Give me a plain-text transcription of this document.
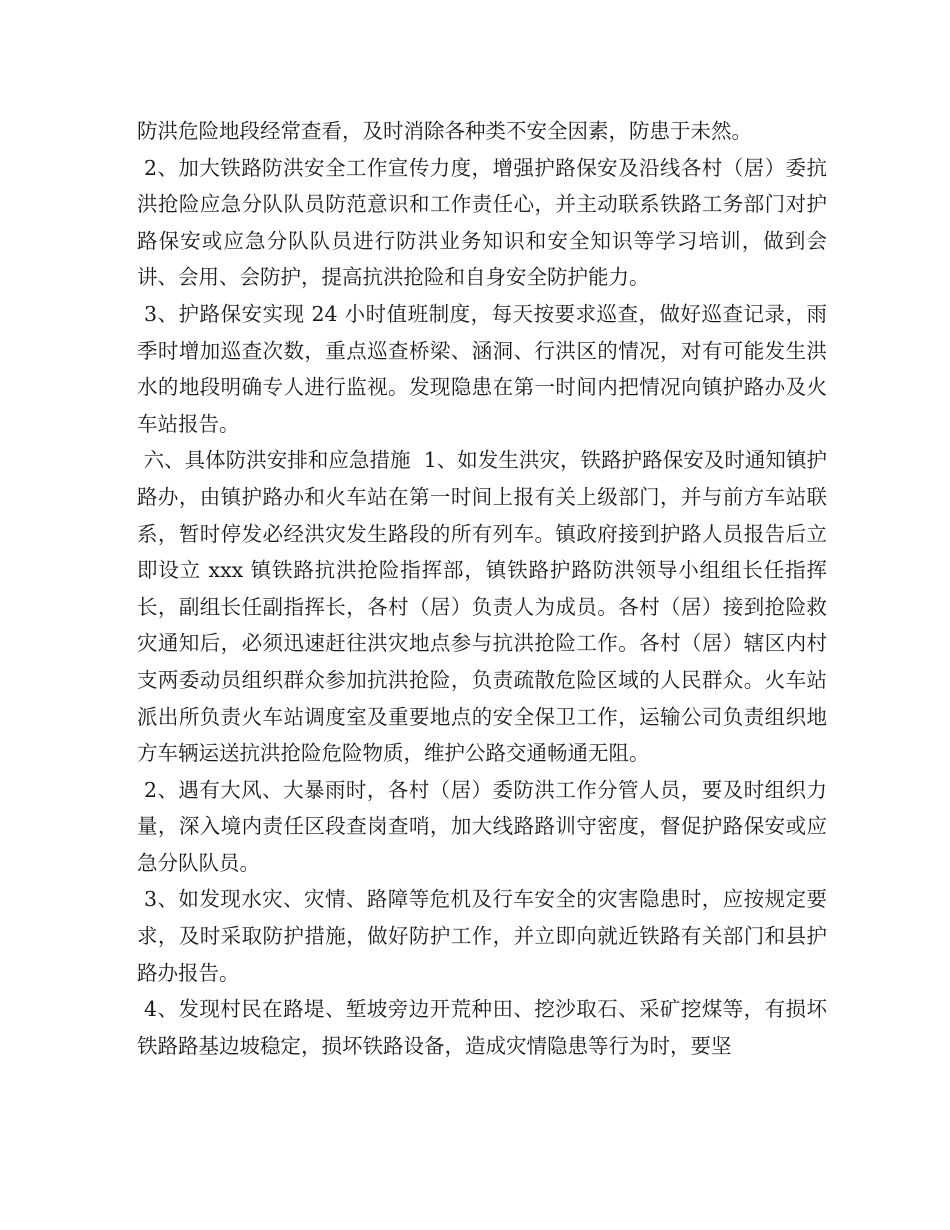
防洪危险地段经常查看，及时消除各种类不安全因素，防患于未然。

2、加大铁路防洪安全工作宣传力度，增强护路保安及沿线各村（居）委抗洪抢险应急分队队员防范意识和工作责任心，并主动联系铁路工务部门对护路保安或应急分队队员进行防洪业务知识和安全知识等学习培训，做到会讲、会用、会防护，提高抗洪抢险和自身安全防护能力。

3、护路保安实现 24 小时值班制度，每天按要求巡查，做好巡查记录，雨季时增加巡查次数，重点巡查桥梁、涵洞、行洪区的情况，对有可能发生洪水的地段明确专人进行监视。发现隐患在第一时间内把情况向镇护路办及火车站报告。

六、具体防洪安排和应急措施  1、如发生洪灾，铁路护路保安及时通知镇护路办，由镇护路办和火车站在第一时间上报有关上级部门，并与前方车站联系，暂时停发必经洪灾发生路段的所有列车。镇政府接到护路人员报告后立即设立 xxx 镇铁路抗洪抢险指挥部，镇铁路护路防洪领导小组组长任指挥长，副组长任副指挥长，各村（居）负责人为成员。各村（居）接到抢险救灾通知后，必须迅速赶往洪灾地点参与抗洪抢险工作。各村（居）辖区内村支两委动员组织群众参加抗洪抢险，负责疏散危险区域的人民群众。火车站派出所负责火车站调度室及重要地点的安全保卫工作，运输公司负责组织地方车辆运送抗洪抢险危险物质，维护公路交通畅通无阻。

2、遇有大风、大暴雨时，各村（居）委防洪工作分管人员，要及时组织力量，深入境内责任区段查岗查哨，加大线路路训守密度，督促护路保安或应急分队队员。

3、如发现水灾、灾情、路障等危机及行车安全的灾害隐患时，应按规定要求，及时采取防护措施，做好防护工作，并立即向就近铁路有关部门和县护路办报告。

4、发现村民在路堤、堑坡旁边开荒种田、挖沙取石、采矿挖煤等，有损坏铁路路基边坡稳定，损坏铁路设备，造成灾情隐患等行为时，要坚
